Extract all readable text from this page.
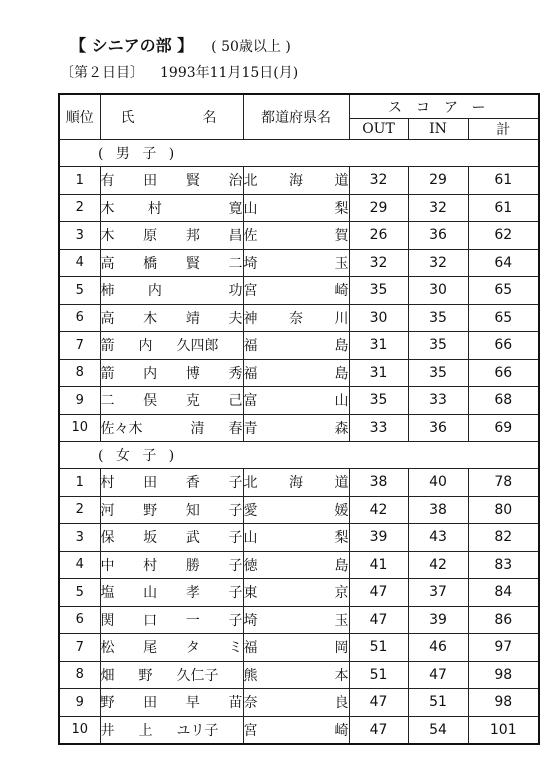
【 シニアの部 】 ( 50歳以上 )
〔第２日目〕 1993年11月15日(月)
順位	氏 名	都道府県名	スコアー		
			OUT	IN	計
( 男 子 )					
1	有 田 賢 治	北 海 道	32	29	61
2	木 村 寛	山 梨	29	32	61
3	木 原 邦 昌	佐 賀	26	36	62
4	高 橋 賢 二	埼 玉	32	32	64
5	柿 内 功	宮 崎	35	30	65
6	高 木 靖 夫	神 奈 川	30	35	65
7	箭 内 久四郎	福 島	31	35	66
8	箭 内 博 秀	福 島	31	35	66
9	二 俣 克 己	富 山	35	33	68
10	佐々木 清 春	青 森	33	36	69
( 女 子 )					
1	村 田 香 子	北 海 道	38	40	78
2	河 野 知 子	愛 媛	42	38	80
3	保 坂 武 子	山 梨	39	43	82
4	中 村 勝 子	徳 島	41	42	83
5	塩 山 孝 子	東 京	47	37	84
6	関 口 一 子	埼 玉	47	39	86
7	松 尾 タ ミ	福 岡	51	46	97
8	畑 野 久仁子	熊 本	51	47	98
9	野 田 早 苗	奈 良	47	51	98
10	井 上 ユリ子	宮 崎	47	54	101
